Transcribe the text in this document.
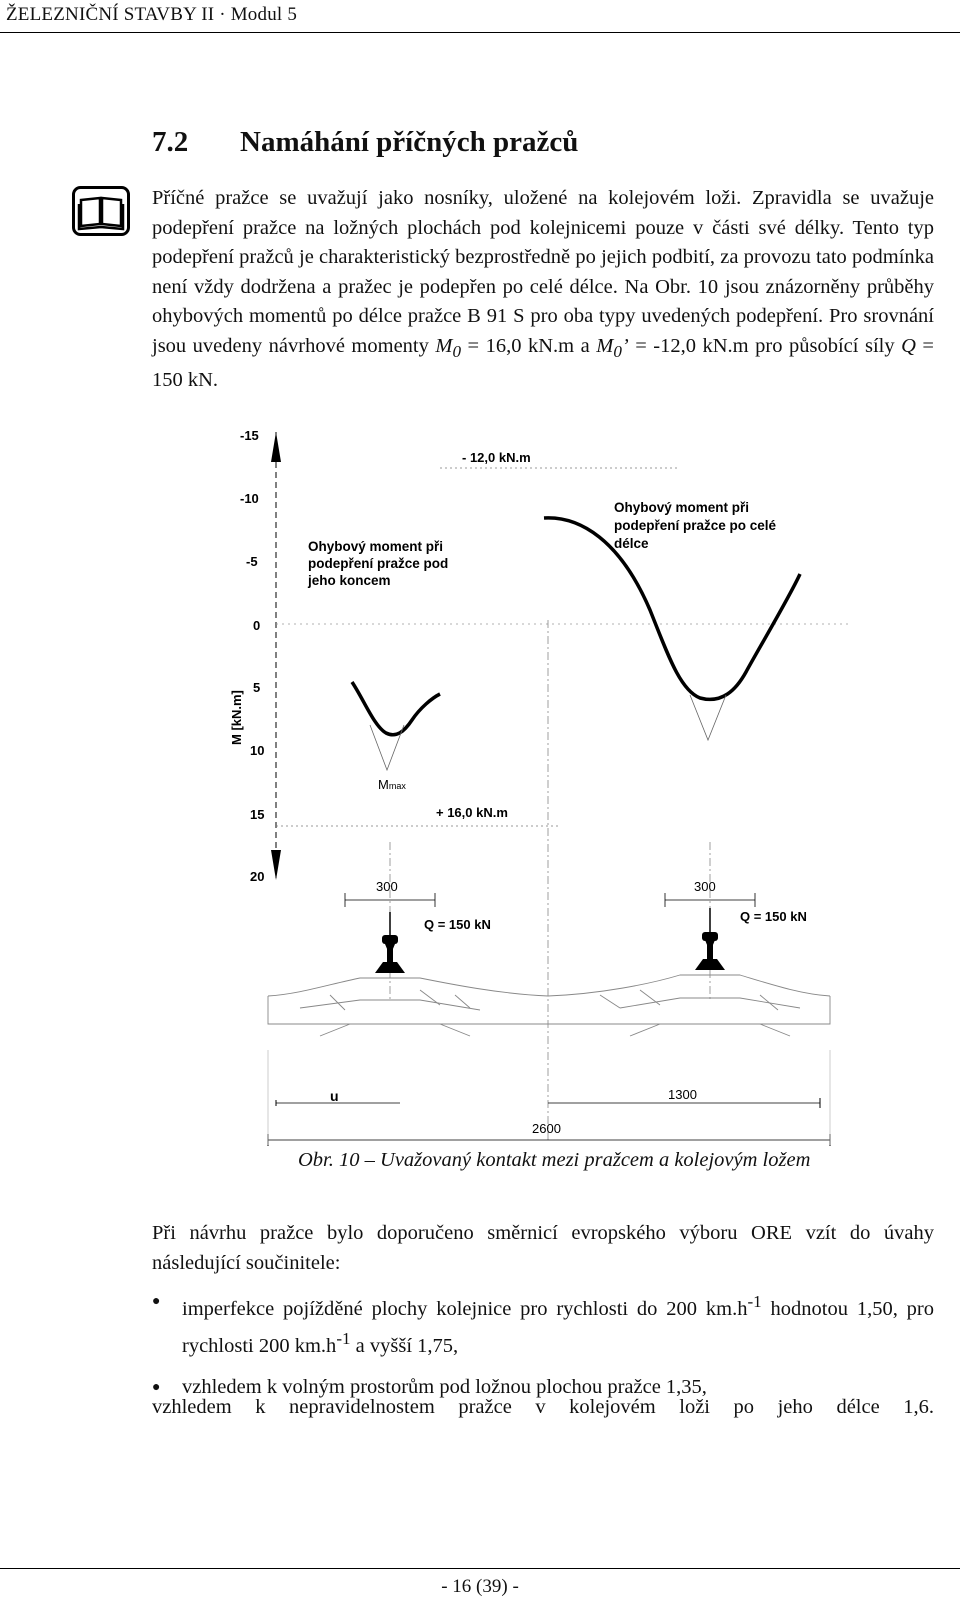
ŽELEZNIČNÍ STAVBY II · Modul 5
7.2 Namáhání příčných pražců
Příčné pražce se uvažují jako nosníky, uložené na kolejovém loži. Zpravidla se uvažuje podepření pražce na ložných plochách pod kolejnicemi pouze v části své délky. Tento typ podepření pražců je charakteristický bezprostředně po jejich podbití, za provozu tato podmínka není vždy dodržena a pražec je podepřen po celé délce. Na Obr. 10 jsou znázorněny průběhy ohybových momentů po délce pražce B 91 S pro oba typy uvedených podepření. Pro srovnání jsou uvedeny návrhové momenty $M_0 = 16,0$ kN.m a $M_0$’ = -12,0 kN.m pro působící síly Q = 150 kN.
-15
-10
-5
0
5
10
15
20
M [kN.m]
- 12,0 kN.m
+ 16,0 kN.m
Ohybový moment při
podepření pražce pod
jeho koncem
Ohybový moment při
podepření pražce po celé
délce
Mmax
300	300
Q = 150 kN
Q = 150 kN
u	1300
2600
Obr. 10 – Uvažovaný kontakt mezi pražcem a kolejovým ložem
Při návrhu pražce bylo doporučeno směrnicí evropského výboru ORE vzít do úvahy následující součinitele:
● imperfekce pojížděné plochy kolejnice pro rychlosti do 200 $km.h^{-1}$ hodnotou 1,50, pro rychlosti 200 $km.h^{-1}$ a vyšší 1,75,
● vzhledem k volným prostorům pod ložnou plochou pražce 1,35,
vzhledem k nepravidelnostem pražce v kolejovém loži po jeho délce 1,6.
- 16 (39) -
